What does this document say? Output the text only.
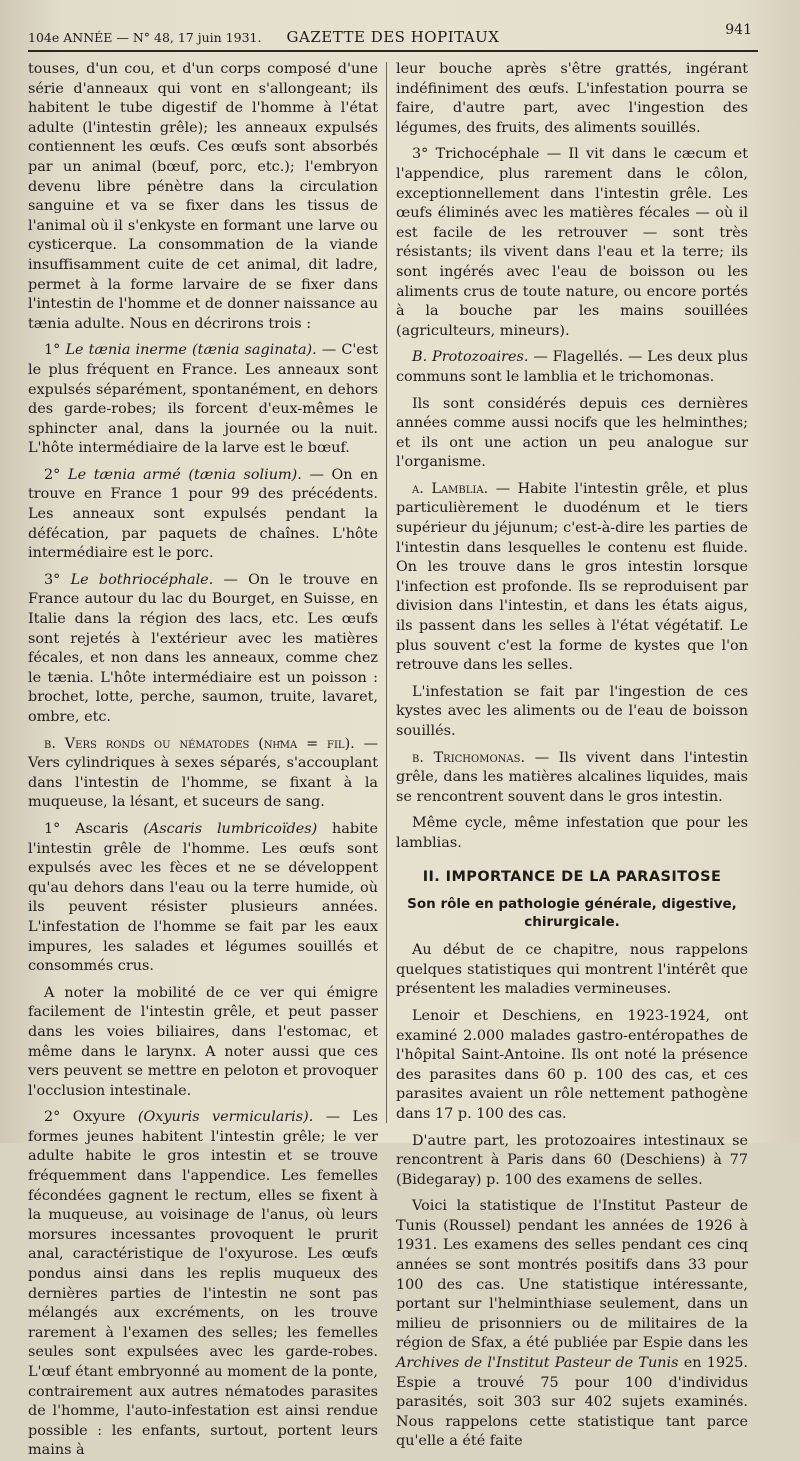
104e ANNÉE — N° 48, 17 juin 1931.	GAZETTE DES HOPITAUX	941

touses, d'un cou, et d'un corps composé d'une série d'anneaux qui vont en s'allongeant; ils habitent le tube digestif de l'homme à l'état adulte (l'intestin grêle); les anneaux expulsés contiennent les œufs. Ces œufs sont absorbés par un animal (bœuf, porc, etc.); l'embryon devenu libre pénètre dans la circulation sanguine et va se fixer dans les tissus de l'animal où il s'enkyste en formant une larve ou cysticerque. La consommation de la viande insuffisamment cuite de cet animal, dit ladre, permet à la forme larvaire de se fixer dans l'intestin de l'homme et de donner naissance au tænia adulte. Nous en décrirons trois :

1° Le tænia inerme (tænia saginata). — C'est le plus fréquent en France. Les anneaux sont expulsés séparément, spontanément, en dehors des garde-robes; ils forcent d'eux-mêmes le sphincter anal, dans la journée ou la nuit. L'hôte intermédiaire de la larve est le bœuf.

2° Le tænia armé (tænia solium). — On en trouve en France 1 pour 99 des précédents. Les anneaux sont expulsés pendant la défécation, par paquets de chaînes. L'hôte intermédiaire est le porc.

3° Le bothriocéphale. — On le trouve en France autour du lac du Bourget, en Suisse, en Italie dans la région des lacs, etc. Les œufs sont rejetés à l'extérieur avec les matières fécales, et non dans les anneaux, comme chez le tænia. L'hôte intermédiaire est un poisson : brochet, lotte, perche, saumon, truite, lavaret, ombre, etc.

b. Vers ronds ou nématodes (νῆμα = fil). — Vers cylindriques à sexes séparés, s'accouplant dans l'intestin de l'homme, se fixant à la muqueuse, la lésant, et suceurs de sang.

1° Ascaris (Ascaris lumbricoïdes) habite l'intestin grêle de l'homme. Les œufs sont expulsés avec les fèces et ne se développent qu'au dehors dans l'eau ou la terre humide, où ils peuvent résister plusieurs années. L'infestation de l'homme se fait par les eaux impures, les salades et légumes souillés et consommés crus.

A noter la mobilité de ce ver qui émigre facilement de l'intestin grêle, et peut passer dans les voies biliaires, dans l'estomac, et même dans le larynx. A noter aussi que ces vers peuvent se mettre en peloton et provoquer l'occlusion intestinale.

2° Oxyure (Oxyuris vermicularis). — Les formes jeunes habitent l'intestin grêle; le ver adulte habite le gros intestin et se trouve fréquemment dans l'appendice. Les femelles fécondées gagnent le rectum, elles se fixent à la muqueuse, au voisinage de l'anus, où leurs morsures incessantes provoquent le prurit anal, caractéristique de l'oxyurose. Les œufs pondus ainsi dans les replis muqueux des dernières parties de l'intestin ne sont pas mélangés aux excréments, on les trouve rarement à l'examen des selles; les femelles seules sont expulsées avec les garde-robes. L'œuf étant embryonné au moment de la ponte, contrairement aux autres nématodes parasites de l'homme, l'auto-infestation est ainsi rendue possible : les enfants, surtout, portent leurs mains à

leur bouche après s'être grattés, ingérant indéfiniment des œufs. L'infestation pourra se faire, d'autre part, avec l'ingestion des légumes, des fruits, des aliments souillés.

3° Trichocéphale — Il vit dans le cæcum et l'appendice, plus rarement dans le côlon, exceptionnellement dans l'intestin grêle. Les œufs éliminés avec les matières fécales — où il est facile de les retrouver — sont très résistants; ils vivent dans l'eau et la terre; ils sont ingérés avec l'eau de boisson ou les aliments crus de toute nature, ou encore portés à la bouche par les mains souillées (agriculteurs, mineurs).

B. Protozoaires. — Flagellés. — Les deux plus communs sont le lamblia et le trichomonas.

Ils sont considérés depuis ces dernières années comme aussi nocifs que les helminthes; et ils ont une action un peu analogue sur l'organisme.

a. Lamblia. — Habite l'intestin grêle, et plus particulièrement le duodénum et le tiers supérieur du jéjunum; c'est-à-dire les parties de l'intestin dans lesquelles le contenu est fluide. On les trouve dans le gros intestin lorsque l'infection est profonde. Ils se reproduisent par division dans l'intestin, et dans les états aigus, ils passent dans les selles à l'état végétatif. Le plus souvent c'est la forme de kystes que l'on retrouve dans les selles.

L'infestation se fait par l'ingestion de ces kystes avec les aliments ou de l'eau de boisson souillés.

b. Trichomonas. — Ils vivent dans l'intestin grêle, dans les matières alcalines liquides, mais se rencontrent souvent dans le gros intestin.

Même cycle, même infestation que pour les lamblias.

II. IMPORTANCE DE LA PARASITOSE
Son rôle en pathologie générale, digestive, chirurgicale.

Au début de ce chapitre, nous rappelons quelques statistiques qui montrent l'intérêt que présentent les maladies vermineuses.

Lenoir et Deschiens, en 1923-1924, ont examiné 2.000 malades gastro-entéropathes de l'hôpital Saint-Antoine. Ils ont noté la présence des parasites dans 60 p. 100 des cas, et ces parasites avaient un rôle nettement pathogène dans 17 p. 100 des cas.

D'autre part, les protozoaires intestinaux se rencontrent à Paris dans 60 (Deschiens) à 77 (Bidegaray) p. 100 des examens de selles.

Voici la statistique de l'Institut Pasteur de Tunis (Roussel) pendant les années de 1926 à 1931. Les examens des selles pendant ces cinq années se sont montrés positifs dans 33 pour 100 des cas. Une statistique intéressante, portant sur l'helminthiase seulement, dans un milieu de prisonniers ou de militaires de la région de Sfax, a été publiée par Espie dans les Archives de l'Institut Pasteur de Tunis en 1925. Espie a trouvé 75 pour 100 d'individus parasités, soit 303 sur 402 sujets examinés. Nous rappelons cette statistique tant parce qu'elle a été faite
